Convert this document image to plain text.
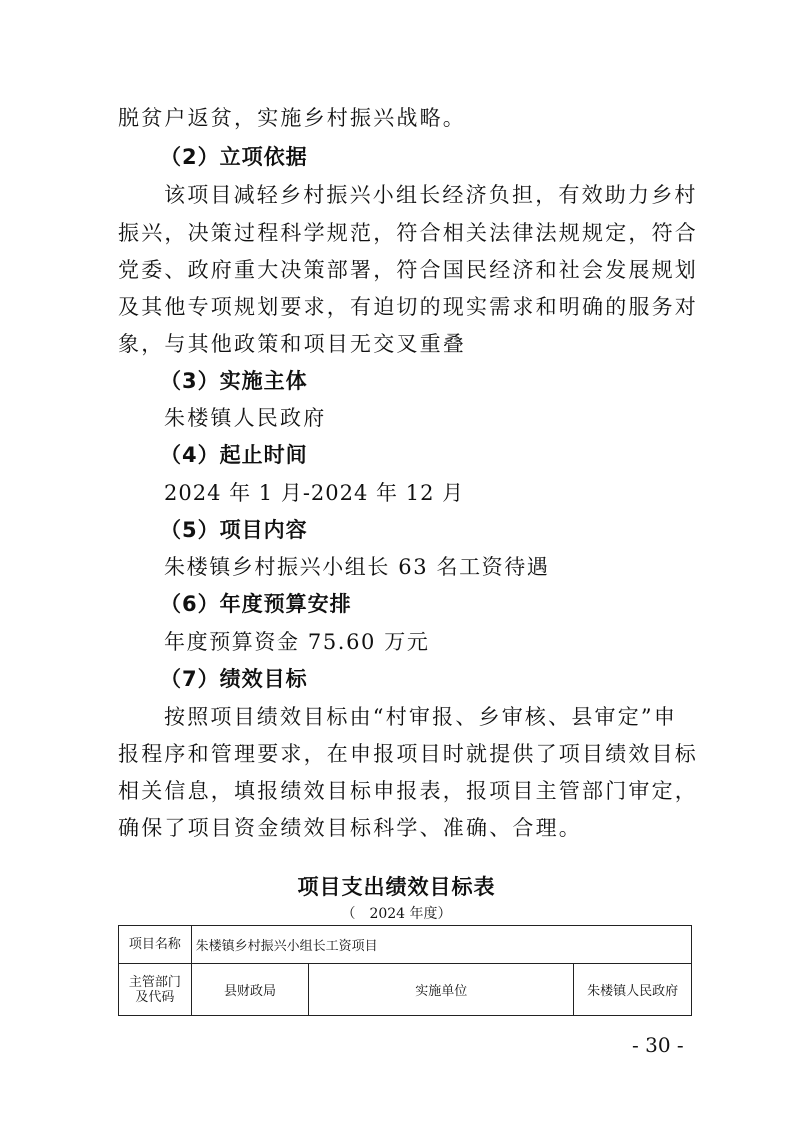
脱贫户返贫，实施乡村振兴战略。
（2）立项依据
该项目减轻乡村振兴小组长经济负担，有效助力乡村
振兴，决策过程科学规范，符合相关法律法规规定，符合
党委、政府重大决策部署，符合国民经济和社会发展规划
及其他专项规划要求，有迫切的现实需求和明确的服务对
象，与其他政策和项目无交叉重叠
（3）实施主体
朱楼镇人民政府
（4）起止时间
2024 年 1 月-2024 年 12 月
（5）项目内容
朱楼镇乡村振兴小组长 63 名工资待遇
（6）年度预算安排
年度预算资金 75.60 万元
（7）绩效目标
按照项目绩效目标由“村审报、乡审核、县审定”申
报程序和管理要求，在申报项目时就提供了项目绩效目标
相关信息，填报绩效目标申报表，报项目主管部门审定，
确保了项目资金绩效目标科学、准确、合理。
项目支出绩效目标表
（　2024 年度）
项目名称	朱楼镇乡村振兴小组长工资项目		
主管部门及代码	县财政局	实施单位	朱楼镇人民政府
- 30 -
